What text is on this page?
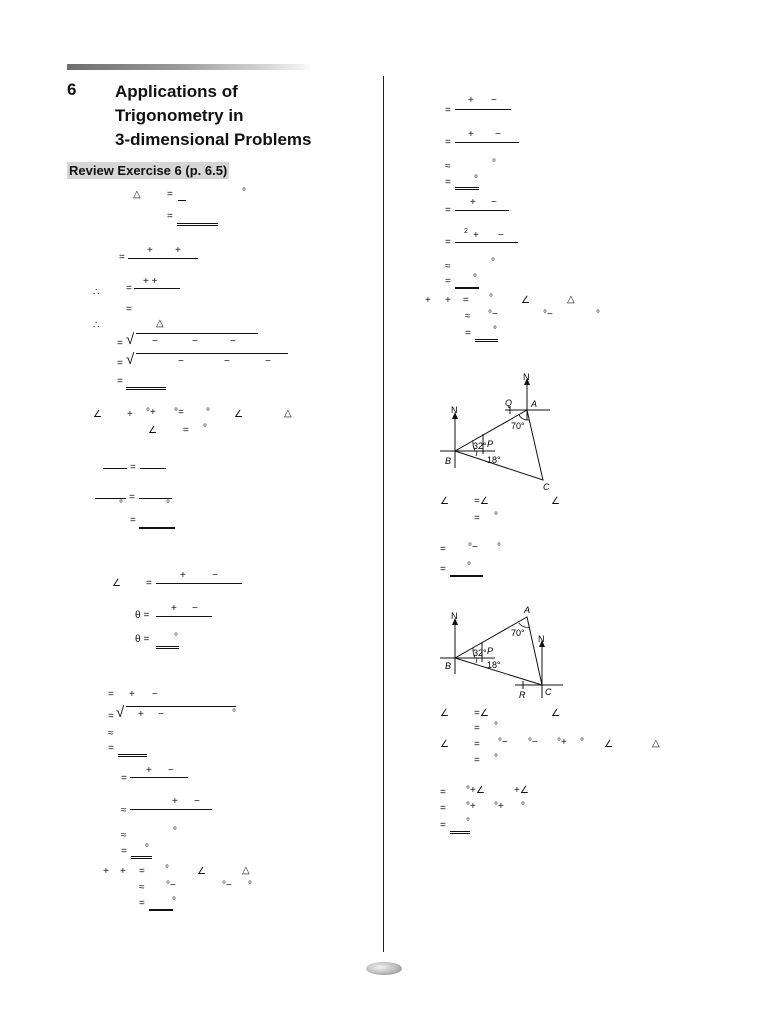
6 Applications of
Trigonometry in
3-dimensional Problems
Review Exercise 6 (p. 6.5)
△	=	°
=
=
+ +
∴	=
+ +
=
∴	△
= √ −	−	−
= √	−	−	−
=
∠	+ °+ °= ° ∠	△
∠	= °
=
=
°	°
=
∠	=
+	−
θ =
+ −
θ = °
= + −
= √ + −	°
≈
=
=
+ −
≈
+ −
≈	°
= °
+ + = °	∠	△
≈ °−	°− °
=	°
=
+ −
=
+ −
≈	°
= °
=
+ −
=
2 + −
≈	°
= °
+ + = °	∠	△
≈ °−	°−	°
= °
N
Q A
70°
N
32° P
B	18°
C
∠	=∠	∠
= °
= °− °
= °
A
N
70°
N
32° P
B	18°
R C
∠	=∠	∠
= °
∠	= °− °− °+ ° ∠	△
= °
= °+∠	+∠
= °+ °+ °
= °
